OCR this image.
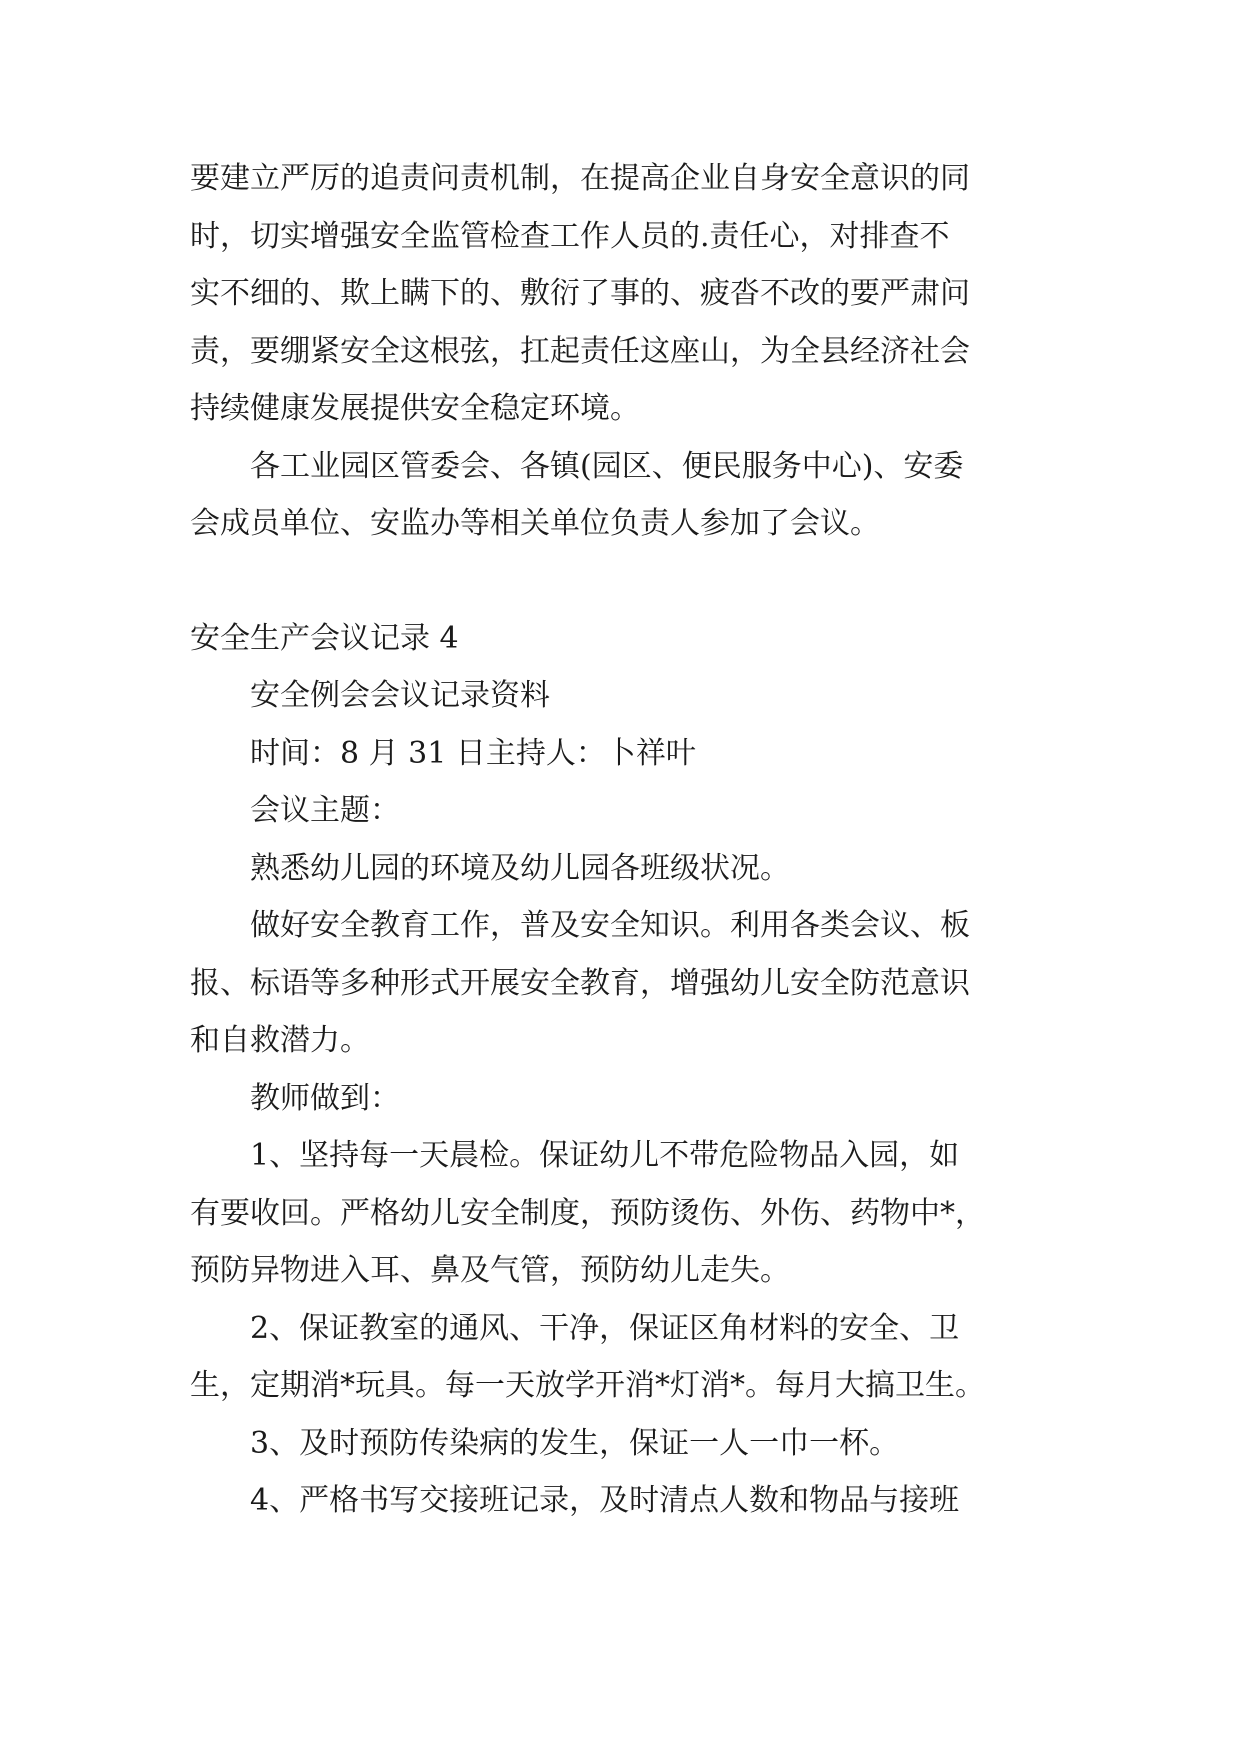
要建立严厉的追责问责机制，在提高企业自身安全意识的同
时，切实增强安全监管检查工作人员的.责任心，对排查不
实不细的、欺上瞒下的、敷衍了事的、疲沓不改的要严肃问
责，要绷紧安全这根弦，扛起责任这座山，为全县经济社会
持续健康发展提供安全稳定环境。
各工业园区管委会、各镇(园区、便民服务中心)、安委
会成员单位、安监办等相关单位负责人参加了会议。
安全生产会议记录 4
安全例会会议记录资料
时间：8 月 31 日主持人：卜祥叶
会议主题：
熟悉幼儿园的环境及幼儿园各班级状况。
做好安全教育工作，普及安全知识。利用各类会议、板
报、标语等多种形式开展安全教育，增强幼儿安全防范意识
和自救潜力。
教师做到：
1、坚持每一天晨检。保证幼儿不带危险物品入园，如
有要收回。严格幼儿安全制度，预防烫伤、外伤、药物中*，
预防异物进入耳、鼻及气管，预防幼儿走失。
2、保证教室的通风、干净，保证区角材料的安全、卫
生，定期消*玩具。每一天放学开消*灯消*。每月大搞卫生。
3、及时预防传染病的发生，保证一人一巾一杯。
4、严格书写交接班记录，及时清点人数和物品与接班
